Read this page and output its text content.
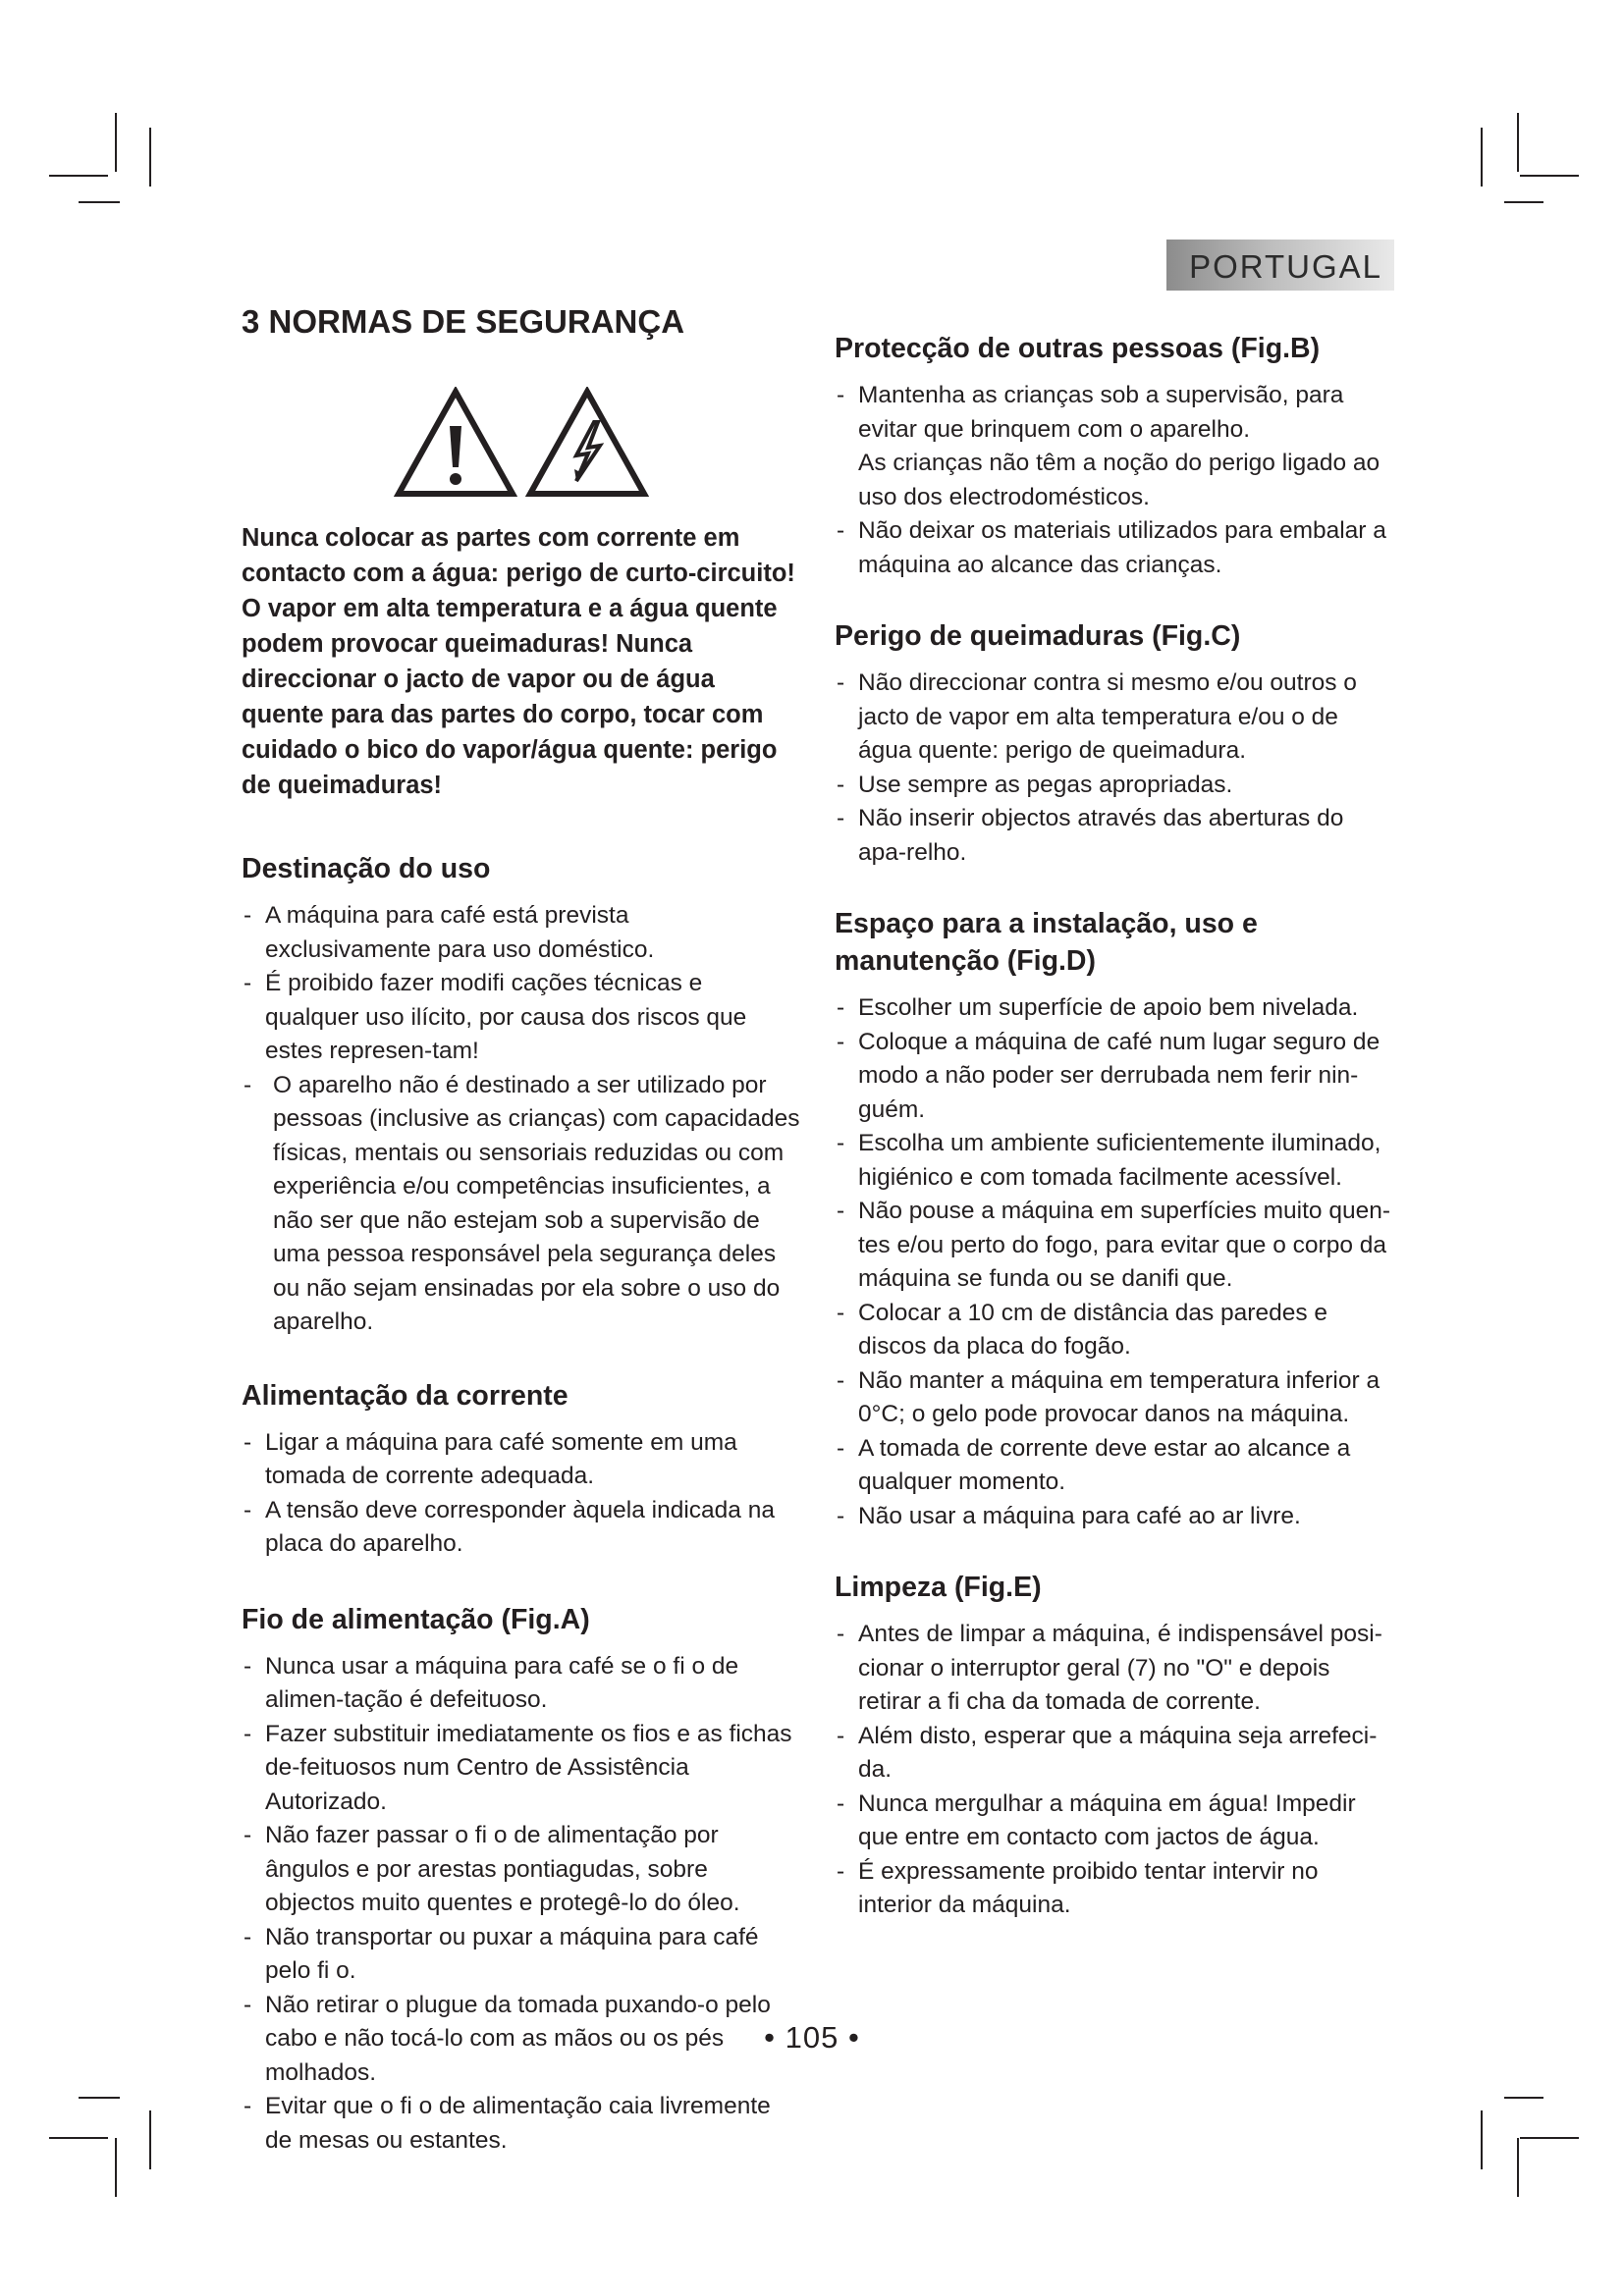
PORTUGAL
3 NORMAS DE SEGURANÇA

Nunca colocar as partes com corrente em contacto com a água: perigo de curto-circuito! O vapor em alta temperatura e a água quente podem provocar queimaduras! Nunca direccionar o jacto de vapor ou de água quente para das partes do corpo, tocar com cuidado o bico do vapor/água quente: perigo de queimaduras!

Destinação do uso
- A máquina para café está prevista exclusivamente para uso doméstico.
- É proibido fazer modifi cações técnicas e qualquer uso ilícito, por causa dos riscos que estes represen-tam!
- O aparelho não é destinado a ser utilizado por pessoas (inclusive as crianças) com capacidades físicas, mentais ou sensoriais reduzidas ou com experiência e/ou competências insuficientes, a não ser que não estejam sob a supervisão de uma pessoa responsável pela segurança deles ou não sejam ensinadas por ela sobre o uso do aparelho.
Alimentação da corrente
- Ligar a máquina para café somente em uma tomada de corrente adequada.
- A tensão deve corresponder àquela indicada na placa do aparelho.
Fio de alimentação (Fig.A)
- Nunca usar a máquina para café se o fi o de alimen-tação é defeituoso.
- Fazer substituir imediatamente os fios e as fichas de-feituosos num Centro de Assistência Autorizado.
- Não fazer passar o fi o de alimentação por ângulos e por arestas pontiagudas, sobre objectos muito quentes e protegê-lo do óleo.
- Não transportar ou puxar a máquina para café pelo fi o.
- Não retirar o plugue da tomada puxando-o pelo cabo e não tocá-lo com as mãos ou os pés molhados.
- Evitar que o fi o de alimentação caia livremente de mesas ou estantes.
Protecção de outras pessoas (Fig.B)
- Mantenha as crianças sob a supervisão, para evitar que brinquem com o aparelho.
As crianças não têm a noção do perigo ligado ao uso dos electrodomésticos.
- Não deixar os materiais utilizados para embalar a máquina ao alcance das crianças.
Perigo de queimaduras (Fig.C)
- Não direccionar contra si mesmo e/ou outros o jacto de vapor em alta temperatura e/ou o de água quente: perigo de queimadura.
- Use sempre as pegas apropriadas.
- Não inserir objectos através das aberturas do apa-relho.
Espaço para a instalação, uso e manutenção (Fig.D)
- Escolher um superfície de apoio bem nivelada.
- Coloque a máquina de café num lugar seguro de modo a não poder ser derrubada nem ferir nin-guém.
- Escolha um ambiente suficientemente iluminado, higiénico e com tomada facilmente acessível.
- Não pouse a máquina em superfícies muito quen-tes e/ou perto do fogo, para evitar que o corpo da máquina se funda ou se danifi que.
- Colocar a 10 cm de distância das paredes e discos da placa do fogão.
- Não manter a máquina em temperatura inferior a 0°C; o gelo pode provocar danos na máquina.
- A tomada de corrente deve estar ao alcance a qualquer momento.
- Não usar a máquina para café ao ar livre.
Limpeza (Fig.E)
- Antes de limpar a máquina, é indispensável posi-cionar o interruptor geral (7) no "O" e depois retirar a fi cha da tomada de corrente.
- Além disto, esperar que a máquina seja arrefeci-da.
- Nunca mergulhar a máquina em água! Impedir que entre em contacto com jactos de água.
- É expressamente proibido tentar intervir no interior da máquina.
• 105 •
